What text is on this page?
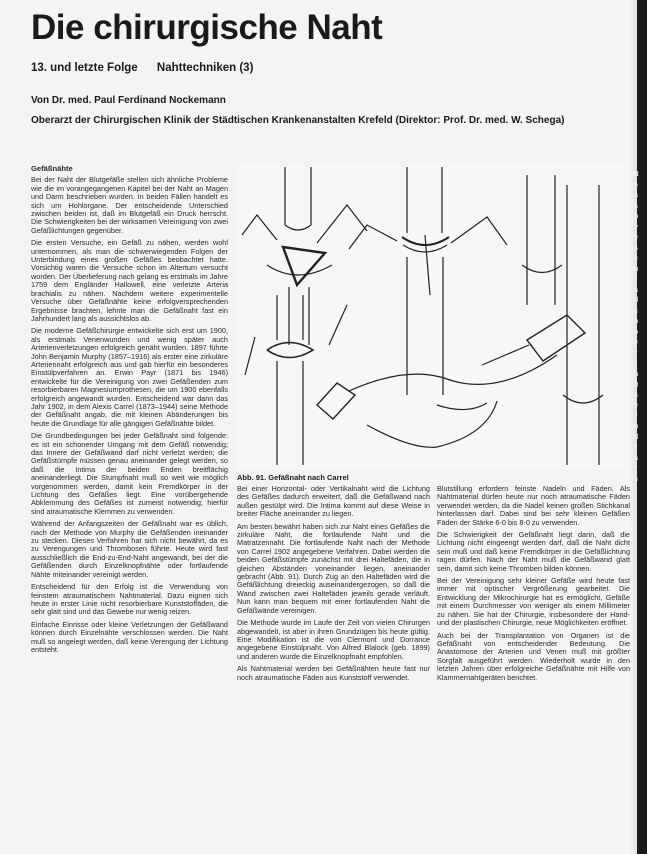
Die chirurgische Naht
13. und letzte Folge Nahttechniken (3)
Von Dr. med. Paul Ferdinand Nockemann
Oberarzt der Chirurgischen Klinik der Städtischen Krankenanstalten Krefeld (Direktor: Prof. Dr. med. W. Schega)

Gefäßnähte

Bei der Naht der Blutgefäße stellen sich ähnliche Probleme wie die im vorangegangenen Kapitel bei der Naht an Magen und Darm beschrieben wurden. In beiden Fällen handelt es sich um Hohlorgane. Der entscheidende Unterschied zwischen beiden ist, daß im Blutgefäß ein Druck herrscht. Die Schwierigkeiten bei der wirksamen Vereinigung von zwei Gefäßlichtungen gegenüber.

Die ersten Versuche, ein Gefäß zu nähen, werden wohl unternommen, als man die schwerwiegenden Folgen der Unterbindung eines großen Gefäßes beobachtet hatte. Vorsichtig waren die Versuche schon im Altertum versucht worden. Der Überlieferung nach gelang es erstmals im Jahre 1759 dem Engländer Hallowell, eine verletzte Arteria brachialis zu nähen. Nachdem weitere experimentelle Versuche über Gefäßnähte keine erfolgversprechenden Ergebnisse brachten, lehnte man die Gefäßnaht fast ein Jahrhundert lang als aussichtslos ab.

Die moderne Gefäßchirurgie entwickelte sich erst um 1900, als erstmals Venenwunden und wenig später auch Arterienverletzungen erfolgreich genäht wurden. 1897 führte John Benjamin Murphy (1857–1916) als erster eine zirkuläre Arteriennaht erfolgreich aus und gab hierfür ein besonderes Einstülpverfahren an. Erwin Payr (1871 bis 1946) entwickelte für die Vereinigung von zwei Gefäßenden zum resorbierbaren Magnesiumprothesen, die um 1900 ebenfalls erfolgreich angewandt wurden. Entscheidend war dann das Jahr 1902, in dem Alexis Carrel (1873–1944) seine Methode der Gefäßnaht angab, die mit kleinen Abänderungen bis heute die Grundlage für alle gängigen Gefäßnähte bildet.

Die Grundbedingungen bei jeder Gefäßnaht sind folgende: es ist ein schonender Umgang mit dem Gefäß notwendig; das Innere der Gefäßwand darf nicht verletzt werden; die Gefäßstümpfe müssen genau aneinander gelegt werden, so daß die Intima der beiden Enden breitflächig aneinanderliegt. Die Stumpfnaht muß so weit wie möglich vorgenommen werden, damit kein Fremdkörper in der Lichtung des Gefäßes liegt. Eine vorübergehende Abklemmung des Gefäßes ist zumeist notwendig; hierfür sind atraumatische Klemmen zu verwenden.

Während der Anfangszeiten der Gefäßnaht war es üblich, nach der Methode von Murphy die Gefäßenden ineinander zu stecken. Dieses Verfahren hat sich nicht bewährt, da es zu Verengungen und Thrombosen führte. Heute wird fast ausschließlich die End-zu-End-Naht angewandt, bei der die Gefäßenden durch Einzelknopfnähte oder fortlaufende Nähte miteinander vereinigt werden.

Entscheidend für den Erfolg ist die Verwendung von feinstem atraumatischem Nahtmaterial. Dazu eignen sich heute in erster Linie nicht resorbierbare Kunststoffäden, die sehr glatt sind und das Gewebe nur wenig reizen.

Einfache Einrisse oder kleine Verletzungen der Gefäßwand können durch Einzelnähte verschlossen werden. Die Naht muß so angelegt werden, daß keine Verengung der Lichtung entsteht.

Abb. 91. Gefäßnaht nach Carrel

Bei einer Horizontal- oder Vertikalnaht wird die Lichtung des Gefäßes dadurch erweitert, daß die Gefäßwand nach außen gestülpt wird. Die Intima kommt auf diese Weise in breiter Fläche aneinander zu liegen.

Am besten bewährt haben sich zur Naht eines Gefäßes die zirkuläre Naht, die fortlaufende Naht und die Matratzennaht. Die fortlaufende Naht nach der Methode von Carrel 1902 angegebene Verfahren. Dabei werden die beiden Gefäßstümpfe zunächst mit drei Haltefäden, die in gleichen Abständen voneinander liegen, aneinander gebracht (Abb. 91). Durch Zug an den Haltefäden wird die Gefäßlichtung dreieckig auseinandergezogen, so daß die Wand zwischen zwei Haltefäden jeweils gerade verläuft. Nun kann man bequem mit einer fortlaufenden Naht die Gefäßwände vereinigen.

Die Methode wurde im Laufe der Zeit von vielen Chirurgen abgewandelt, ist aber in ihren Grundzügen bis heute gültig. Eine Modifikation ist die von Clermont und Dorrance angegebene Einstülpnaht. Von Alfred Blalock (geb. 1899) und anderen wurde die Einzelknopfnaht empfohlen.

Als Nahtmaterial werden bei Gefäßnähten heute fast nur noch atraumatische Fäden aus Kunststoff verwendet.

Blutstillung erfordern feinste Nadeln und Fäden. Als Nahtmaterial dürfen heute nur noch atraumatische Fäden verwendet werden, da die Nadel keinen großen Stichkanal hinterlassen darf. Dabei sind bei sehr kleinen Gefäßen Fäden der Stärke 6-0 bis 8-0 zu verwenden.

Die Schwierigkeit der Gefäßnaht liegt darin, daß die Lichtung nicht eingeengt werden darf, daß die Naht dicht sein muß und daß keine Fremdkörper in die Gefäßlichtung ragen dürfen. Nach der Naht muß die Gefäßwand glatt sein, damit sich keine Thromben bilden können.

Bei der Vereinigung sehr kleiner Gefäße wird heute fast immer mit optischer Vergrößerung gearbeitet. Die Entwicklung der Mikrochirurgie hat es ermöglicht, Gefäße mit einem Durchmesser von weniger als einem Millimeter zu nähen. Sie hat der Chirurgie, insbesondere der Hand- und der plastischen Chirurgie, neue Möglichkeiten eröffnet.

Auch bei der Transplantation von Organen ist die Gefäßnaht von entscheidender Bedeutung. Die Anastomose der Arterien und Venen muß mit größter Sorgfalt ausgeführt werden. Wiederholt wurde in den letzten Jahren über erfolgreiche Gefäßnähte mit Hilfe von Klammernahtgeräten berichtet.

N
e
a
s
n
v
e
s
c
u
t
a
d
c
h
o
e
r
i
n
g
s
e
f
n
d
r
a
r
s
